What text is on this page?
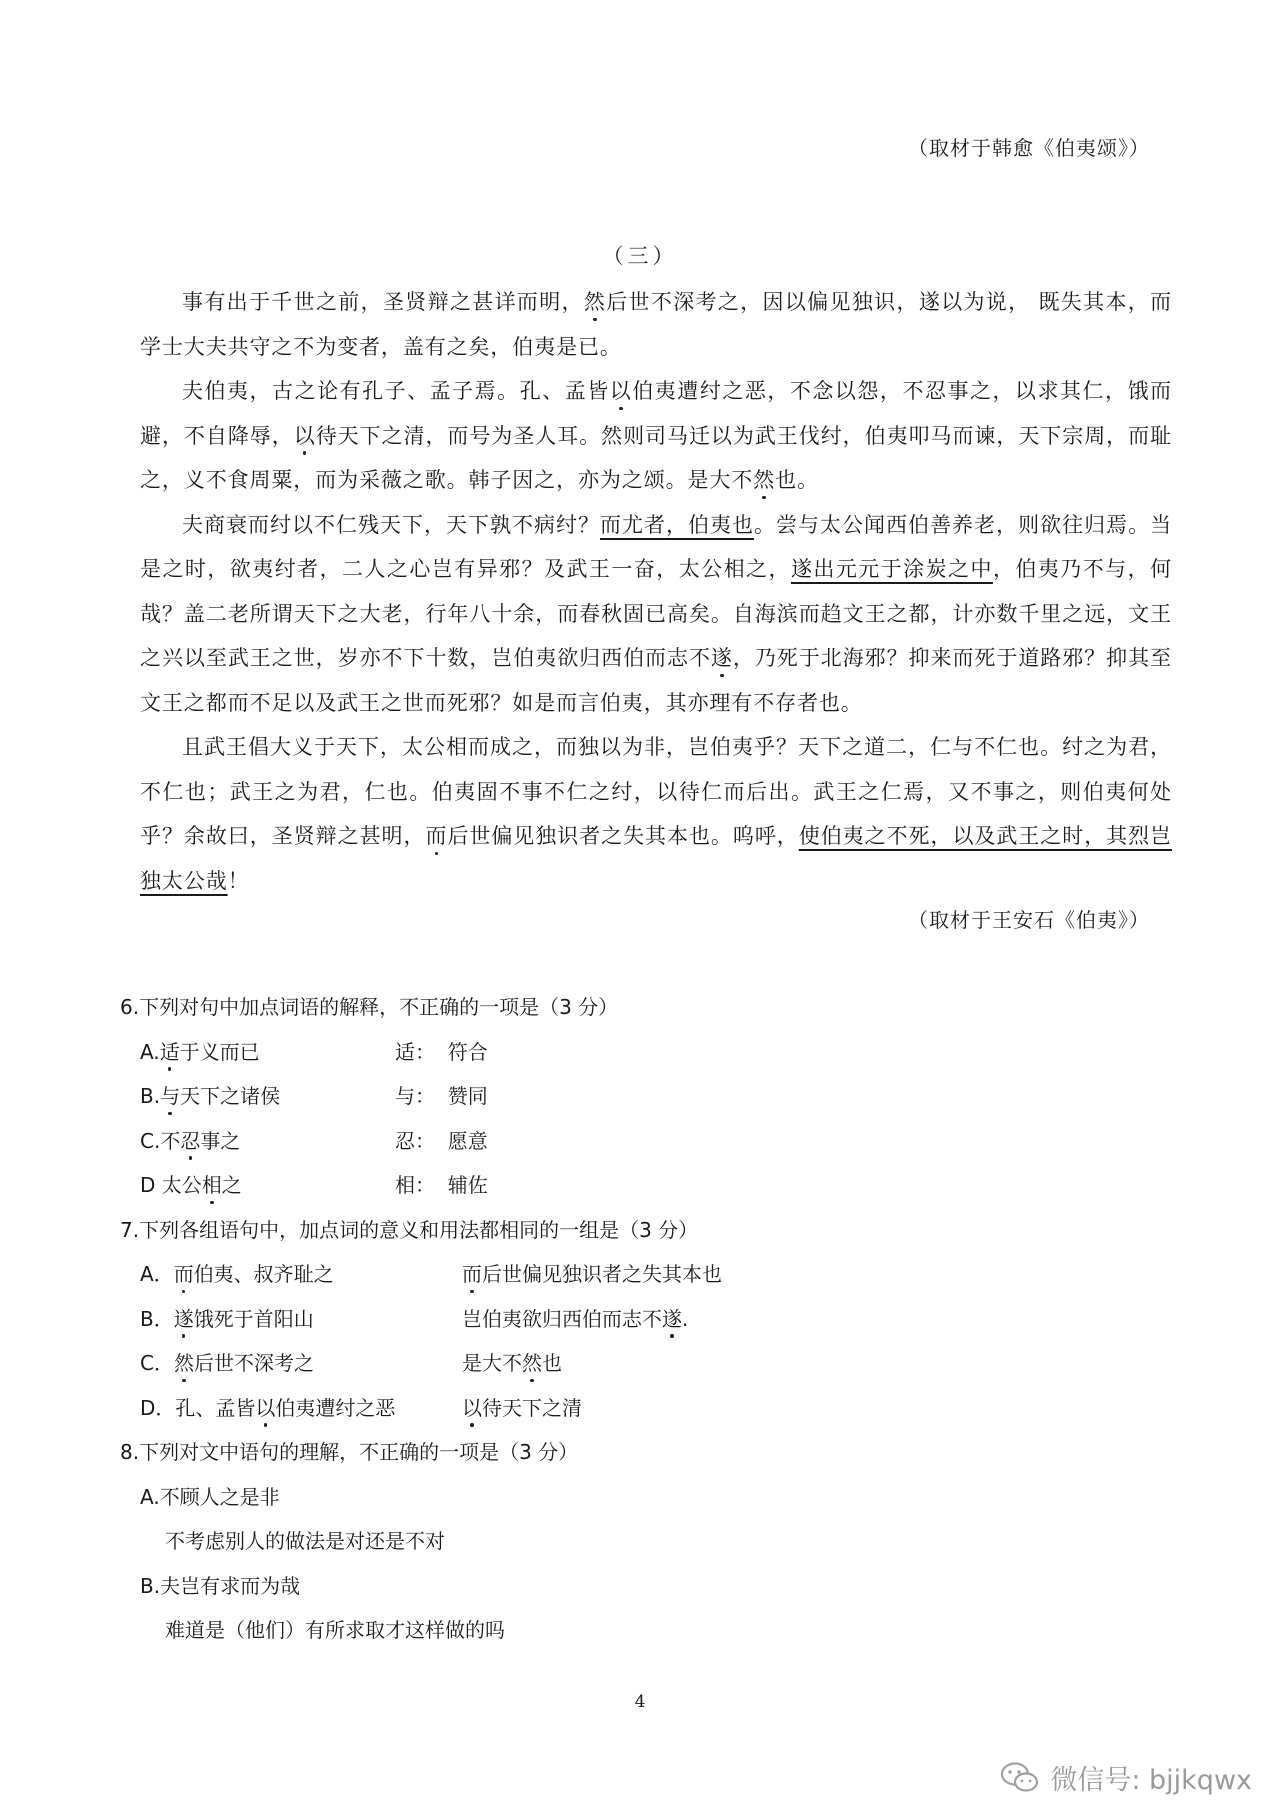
（取材于韩愈《伯夷颂》）
（三）

事有出于千世之前，圣贤辩之甚详而明，然后世不深考之，因以偏见独识，遂以为说， 既失其本，而学士大夫共守之不为变者，盖有之矣，伯夷是已。

夫伯夷，古之论有孔子、孟子焉。孔、孟皆以伯夷遭纣之恶，不念以怨，不忍事之，以求其仁，饿而避，不自降辱，以待天下之清，而号为圣人耳。然则司马迁以为武王伐纣，伯夷叩马而谏，天下宗周，而耻之，义不食周粟，而为采薇之歌。韩子因之，亦为之颂。是大不然也。

夫商衰而纣以不仁残天下，天下孰不病纣？而尤者，伯夷也。尝与太公闻西伯善养老，则欲往归焉。当是之时，欲夷纣者，二人之心岂有异邪？及武王一奋，太公相之，遂出元元于涂炭之中，伯夷乃不与，何哉？盖二老所谓天下之大老，行年八十余，而春秋固已高矣。自海滨而趋文王之都，计亦数千里之远，文王之兴以至武王之世，岁亦不下十数，岂伯夷欲归西伯而志不遂，乃死于北海邪？抑来而死于道路邪？抑其至文王之都而不足以及武王之世而死邪？如是而言伯夷，其亦理有不存者也。

且武王倡大义于天下，太公相而成之，而独以为非，岂伯夷乎？天下之道二，仁与不仁也。纣之为君，不仁也；武王之为君，仁也。伯夷固不事不仁之纣，以待仁而后出。武王之仁焉，又不事之，则伯夷何处乎？余故曰，圣贤辩之甚明，而后世偏见独识者之失其本也。呜呼，使伯夷之不死，以及武王之时，其烈岂独太公哉！

（取材于王安石《伯夷》）
6.下列对句中加点词语的解释，不正确的一项是（3 分）
A.适于义而已	适： 符合
B.与天下之诸侯	与： 赞同
C.不忍事之	忍： 愿意
D 太公相之	相： 辅佐
7.下列各组语句中，加点词的意义和用法都相同的一组是（3 分）
A．而伯夷、叔齐耻之	而后世偏见独识者之失其本也
B．遂饿死于首阳山	岂伯夷欲归西伯而志不遂.
C．然后世不深考之	是大不然也
D．孔、孟皆以伯夷遭纣之恶	以待天下之清
8.下列对文中语句的理解，不正确的一项是（3 分）
A.不顾人之是非
不考虑别人的做法是对还是不对
B.夫岂有求而为哉
难道是（他们）有所求取才这样做的吗
4
微信号: bjjkqwx
